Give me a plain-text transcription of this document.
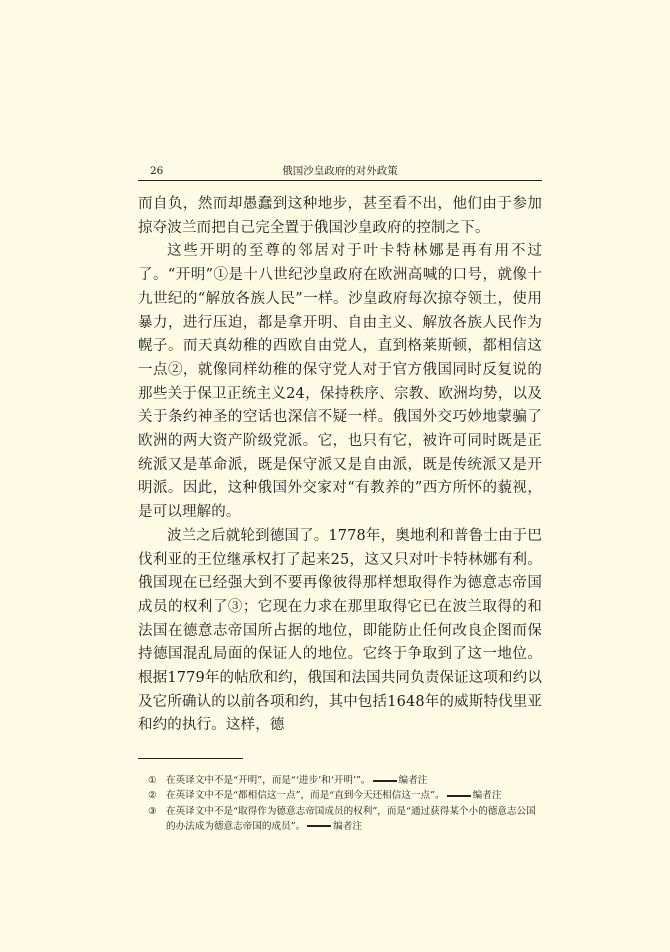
26	俄国沙皇政府的对外政策

而自负，然而却愚蠢到这种地步，甚至看不出，他们由于参加掠夺波兰而把自己完全置于俄国沙皇政府的控制之下。

这些开明的至尊的邻居对于叶卡特林娜是再有用不过了。“开明”①是十八世纪沙皇政府在欧洲高喊的口号，就像十九世纪的“解放各族人民”一样。沙皇政府每次掠夺领土，使用暴力，进行压迫，都是拿开明、自由主义、解放各族人民作为幌子。而天真幼稚的西欧自由党人，直到格莱斯顿，都相信这一点②，就像同样幼稚的保守党人对于官方俄国同时反复说的那些关于保卫正统主义24，保持秩序、宗教、欧洲均势，以及关于条约神圣的空话也深信不疑一样。俄国外交巧妙地蒙骗了欧洲的两大资产阶级党派。它，也只有它，被许可同时既是正统派又是革命派，既是保守派又是自由派，既是传统派又是开明派。因此，这种俄国外交家对“有教养的”西方所怀的藐视，是可以理解的。

波兰之后就轮到德国了。1778年，奥地利和普鲁士由于巴伐利亚的王位继承权打了起来25，这又只对叶卡特林娜有利。俄国现在已经强大到不要再像彼得那样想取得作为德意志帝国成员的权利了③；它现在力求在那里取得它已在波兰取得的和法国在德意志帝国所占据的地位，即能防止任何改良企图而保持德国混乱局面的保证人的地位。它终于争取到了这一地位。根据1779年的帖欣和约，俄国和法国共同负责保证这项和约以及它所确认的以前各项和约，其中包括1648年的威斯特伐里亚和约的执行。这样，德

① 在英译文中不是“开明”，而是“‘进步’和‘开明’”。	编者注
② 在英译文中不是“都相信这一点”，而是“直到今天还相信这一点”。	编者注
③ 在英译文中不是“取得作为德意志帝国成员的权利”，而是“通过获得某个小的德意志公国的办法成为德意志帝国的成员”。	编者注
